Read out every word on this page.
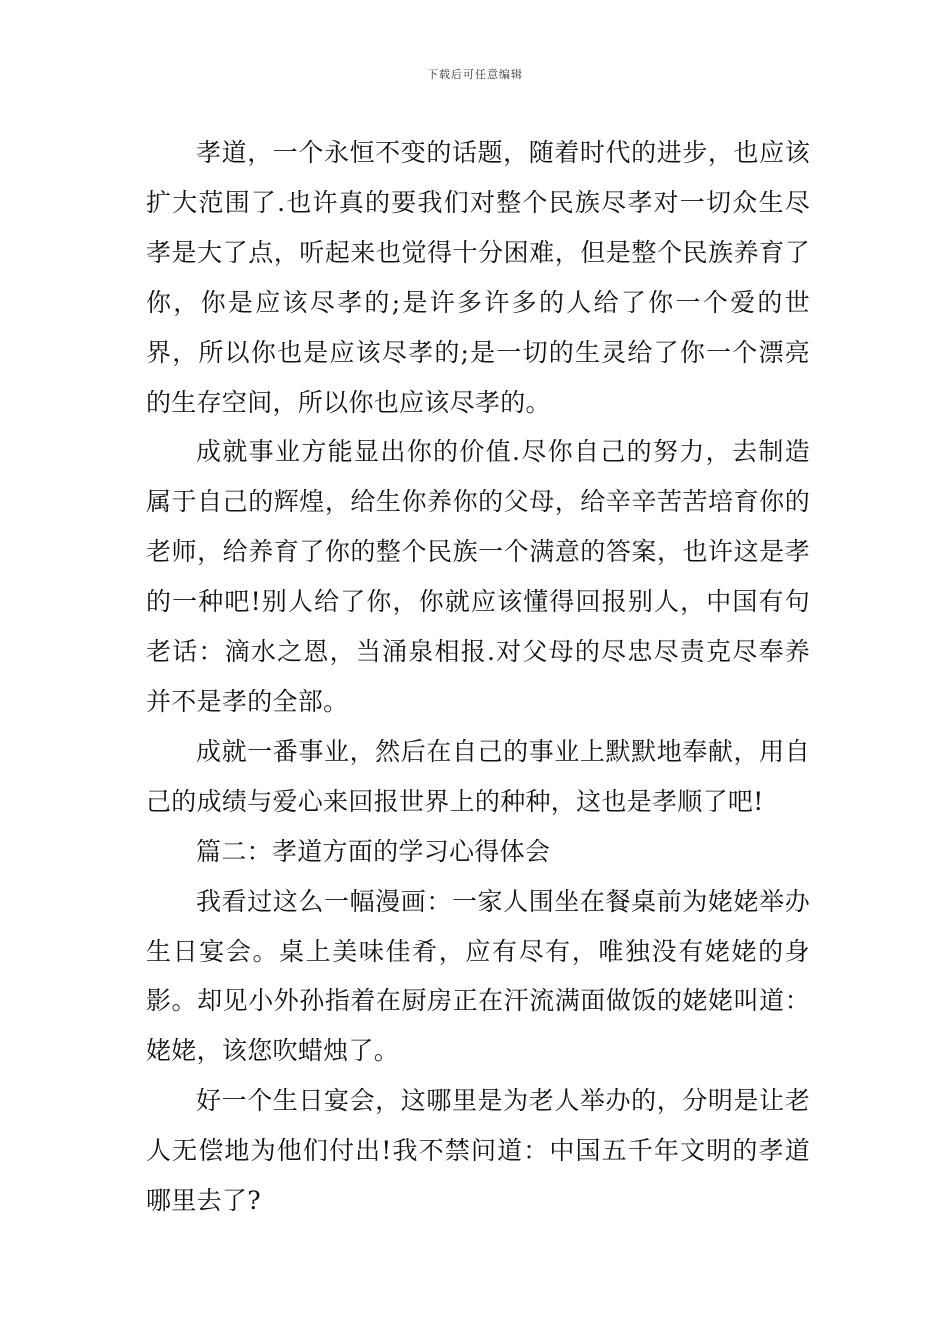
下载后可任意编辑

孝道，一个永恒不变的话题，随着时代的进步，也应该扩大范围了.也许真的要我们对整个民族尽孝对一切众生尽孝是大了点，听起来也觉得十分困难，但是整个民族养育了你，你是应该尽孝的;是许多许多的人给了你一个爱的世界，所以你也是应该尽孝的;是一切的生灵给了你一个漂亮的生存空间，所以你也应该尽孝的。

成就事业方能显出你的价值.尽你自己的努力，去制造属于自己的辉煌，给生你养你的父母，给辛辛苦苦培育你的老师，给养育了你的整个民族一个满意的答案，也许这是孝的一种吧!别人给了你，你就应该懂得回报别人，中国有句老话：滴水之恩，当涌泉相报.对父母的尽忠尽责克尽奉养并不是孝的全部。

成就一番事业，然后在自己的事业上默默地奉献，用自己的成绩与爱心来回报世界上的种种，这也是孝顺了吧!

篇二：孝道方面的学习心得体会

我看过这么一幅漫画：一家人围坐在餐桌前为姥姥举办生日宴会。桌上美味佳肴，应有尽有，唯独没有姥姥的身影。却见小外孙指着在厨房正在汗流满面做饭的姥姥叫道：姥姥，该您吹蜡烛了。

好一个生日宴会，这哪里是为老人举办的，分明是让老人无偿地为他们付出!我不禁问道：中国五千年文明的孝道哪里去了?
